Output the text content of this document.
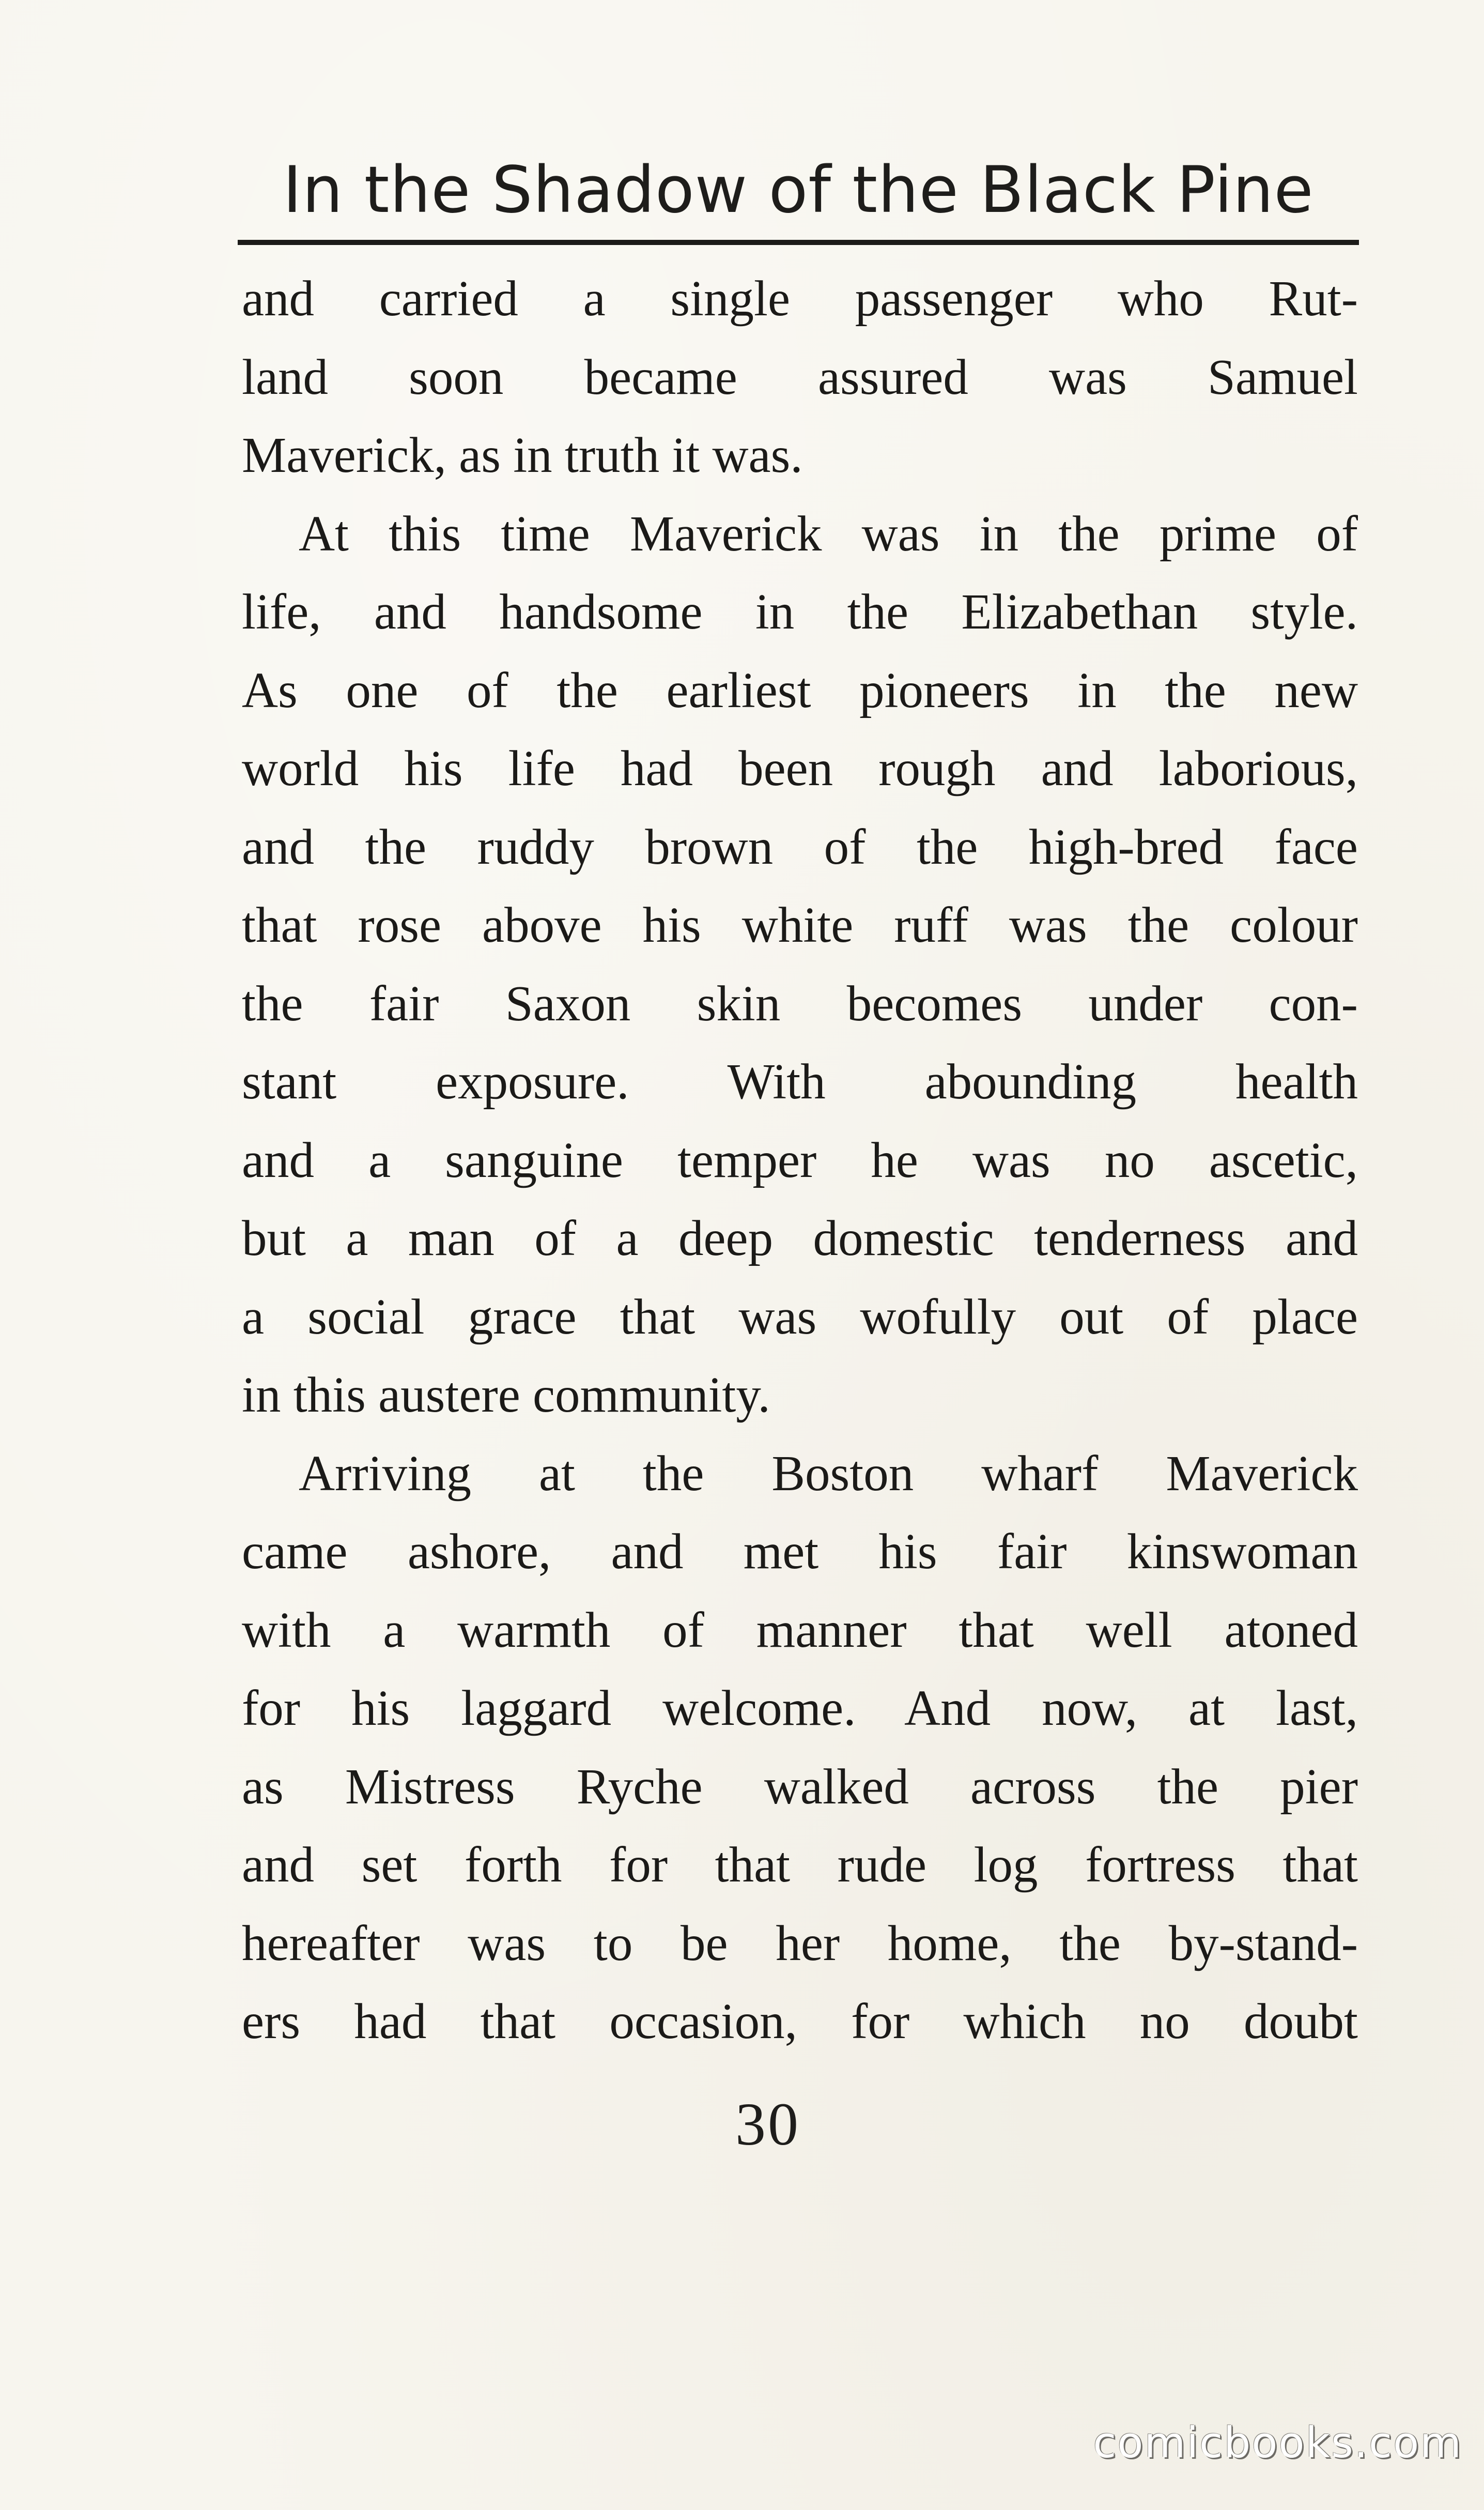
In the Shadow of the Black Pine
and carried a single passenger who Rut-
land soon became assured was Samuel
Maverick, as in truth it was.
At this time Maverick was in the prime of
life, and handsome in the Elizabethan style.
As one of the earliest pioneers in the new
world his life had been rough and laborious,
and the ruddy brown of the high-bred face
that rose above his white ruff was the colour
the fair Saxon skin becomes under con-
stant exposure. With abounding health
and a sanguine temper he was no ascetic,
but a man of a deep domestic tenderness and
a social grace that was wofully out of place
in this austere community.
Arriving at the Boston wharf Maverick
came ashore, and met his fair kinswoman
with a warmth of manner that well atoned
for his laggard welcome. And now, at last,
as Mistress Ryche walked across the pier
and set forth for that rude log fortress that
hereafter was to be her home, the by-stand-
ers had that occasion, for which no doubt
30
comicbooks.com
